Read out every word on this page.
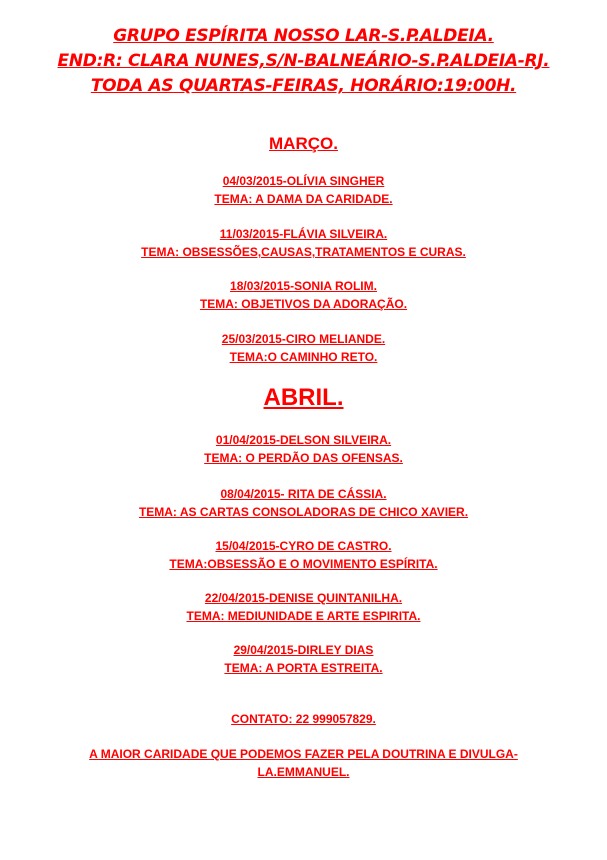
GRUPO ESPÍRITA NOSSO LAR-S.P.ALDEIA.
END:R: CLARA NUNES,S/N-BALNEÁRIO-S.P.ALDEIA-RJ.
TODA AS QUARTAS-FEIRAS, HORÁRIO:19:00H.
MARÇO.
04/03/2015-OLÍVIA SINGHER
TEMA: A DAMA DA CARIDADE.
11/03/2015-FLÁVIA SILVEIRA.
TEMA: OBSESSÕES,CAUSAS,TRATAMENTOS E CURAS.
18/03/2015-SONIA ROLIM.
TEMA: OBJETIVOS DA ADORAÇÃO.
25/03/2015-CIRO MELIANDE.
TEMA:O CAMINHO RETO.
ABRIL.
01/04/2015-DELSON SILVEIRA.
TEMA: O PERDÃO DAS OFENSAS.
08/04/2015- RITA DE CÁSSIA.
TEMA: AS CARTAS CONSOLADORAS DE CHICO XAVIER.
15/04/2015-CYRO DE CASTRO.
TEMA:OBSESSÃO E O MOVIMENTO ESPÍRITA.
22/04/2015-DENISE QUINTANILHA.
TEMA: MEDIUNIDADE E ARTE ESPIRITA.
29/04/2015-DIRLEY DIAS
TEMA: A PORTA ESTREITA.
CONTATO: 22 999057829.
A MAIOR CARIDADE QUE PODEMOS FAZER PELA DOUTRINA E DIVULGA-LA.EMMANUEL.
